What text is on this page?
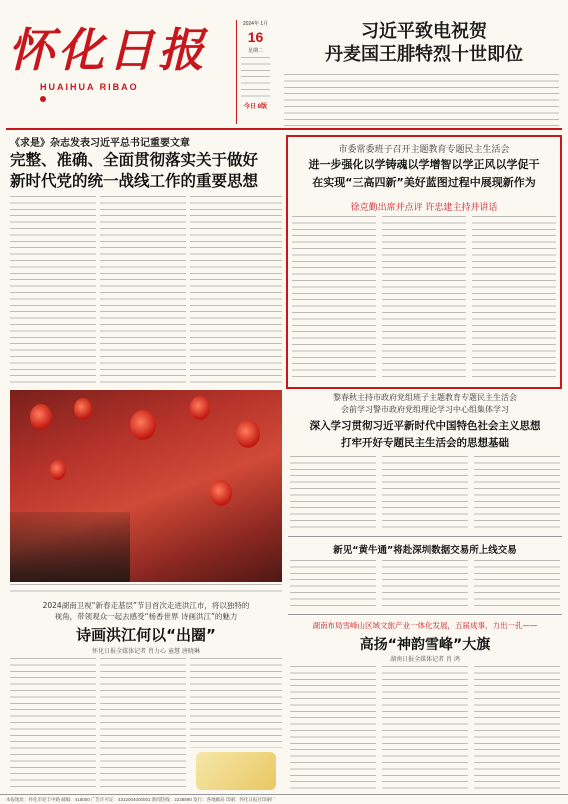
怀化日报
HUAIHUA RIBAO
2024年 1月
16
星期二
今日 8版
习近平致电祝贺
丹麦国王腓特烈十世即位
《求是》杂志发表习近平总书记重要文章
完整、准确、全面贯彻落实关于做好
新时代党的统一战线工作的重要思想
市委常委班子召开主题教育专题民主生活会
进一步强化以学铸魂以学增智以学正风以学促干
在实现“三高四新”美好蓝图过程中展现新作为
徐克勤出席并点评 许忠建主持并讲话
2024湖南卫视“新春走基层”节目首次走进洪江市，将以独特的
视角，带领观众一起去感受“杨香世界 诗画洪江”的魅力
诗画洪江何以“出圈”
怀化日报全媒体记者 肖力心 童慧 唐晓琳
黎春秋主持市政府党组班子主题教育专题民主生活会
会前学习警市政府党组理论学习中心组集体学习
深入学习贯彻习近平新时代中国特色社会主义思想
打牢开好专题民主生活会的思想基础
新见“黄牛通”将赴深圳数据交易所上线交易
湖南布局雪峰山区域文旅产业一体化发展，五届成事，力出一孔——
高扬“神韵雪峰”大旗
湖南日报全媒体记者 肖 鸿
本报地址：怀化市迎丰中路 邮编：418000 广告许可证：4312004000001 新闻热线：2238890 发行：各地邮局 印刷：怀化日报社印刷厂
